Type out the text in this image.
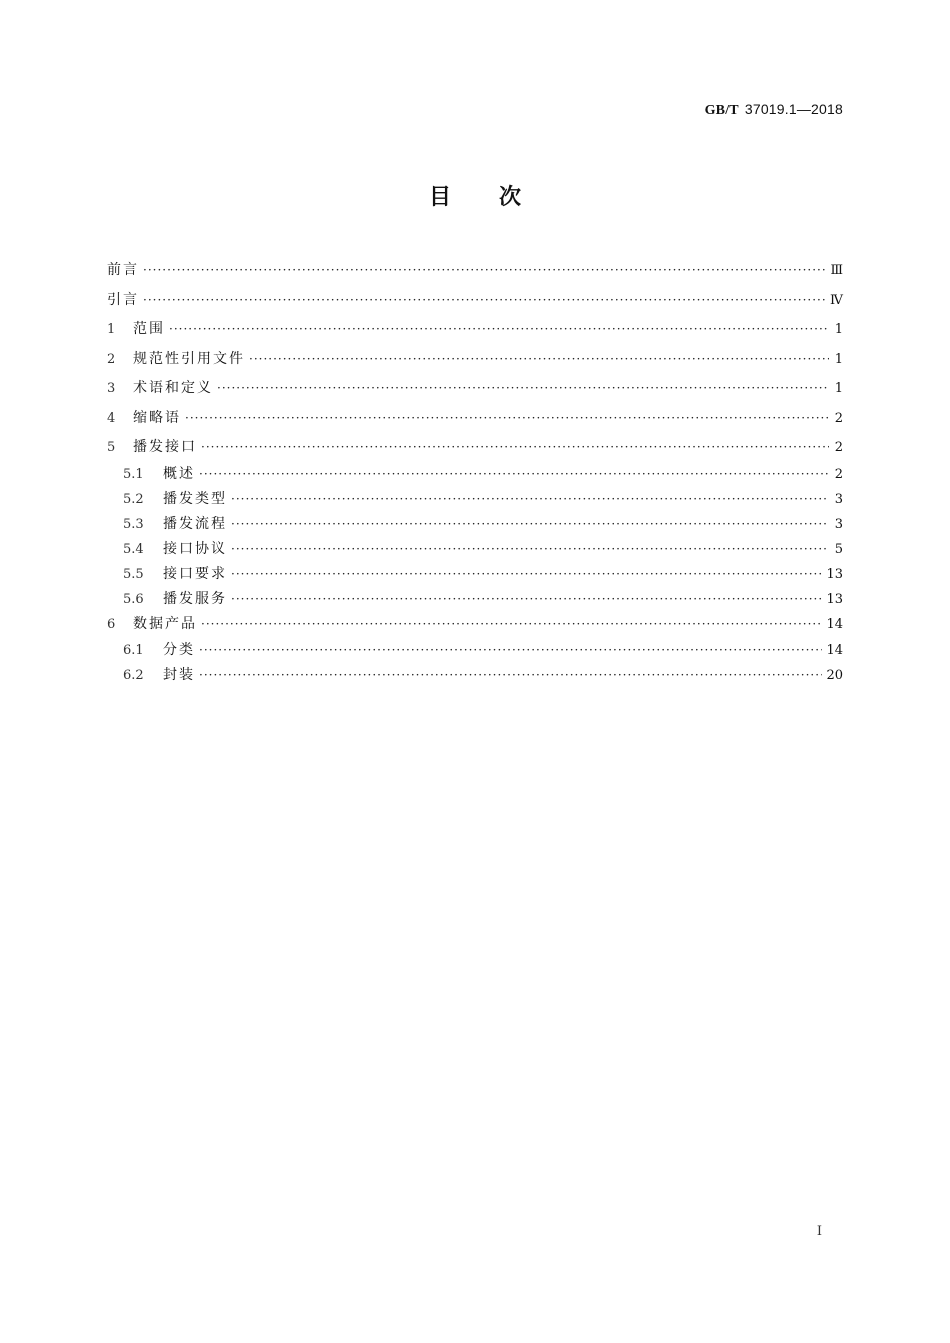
GB/T 37019.1—2018
目次
前言 ·····	Ⅲ
引言 ·····	Ⅳ
1	范围 ·····	1
2	规范性引用文件 ·····	1
3	术语和定义 ·····	1
4	缩略语 ·····	2
5	播发接口 ·····	2
5.1	概述 ·····	2
5.2	播发类型 ·····	3
5.3	播发流程 ·····	3
5.4	接口协议 ·····	5
5.5	接口要求 ·····	13
5.6	播发服务 ·····	13
6	数据产品 ·····	14
6.1	分类 ·····	14
6.2	封装 ·····	20
I
